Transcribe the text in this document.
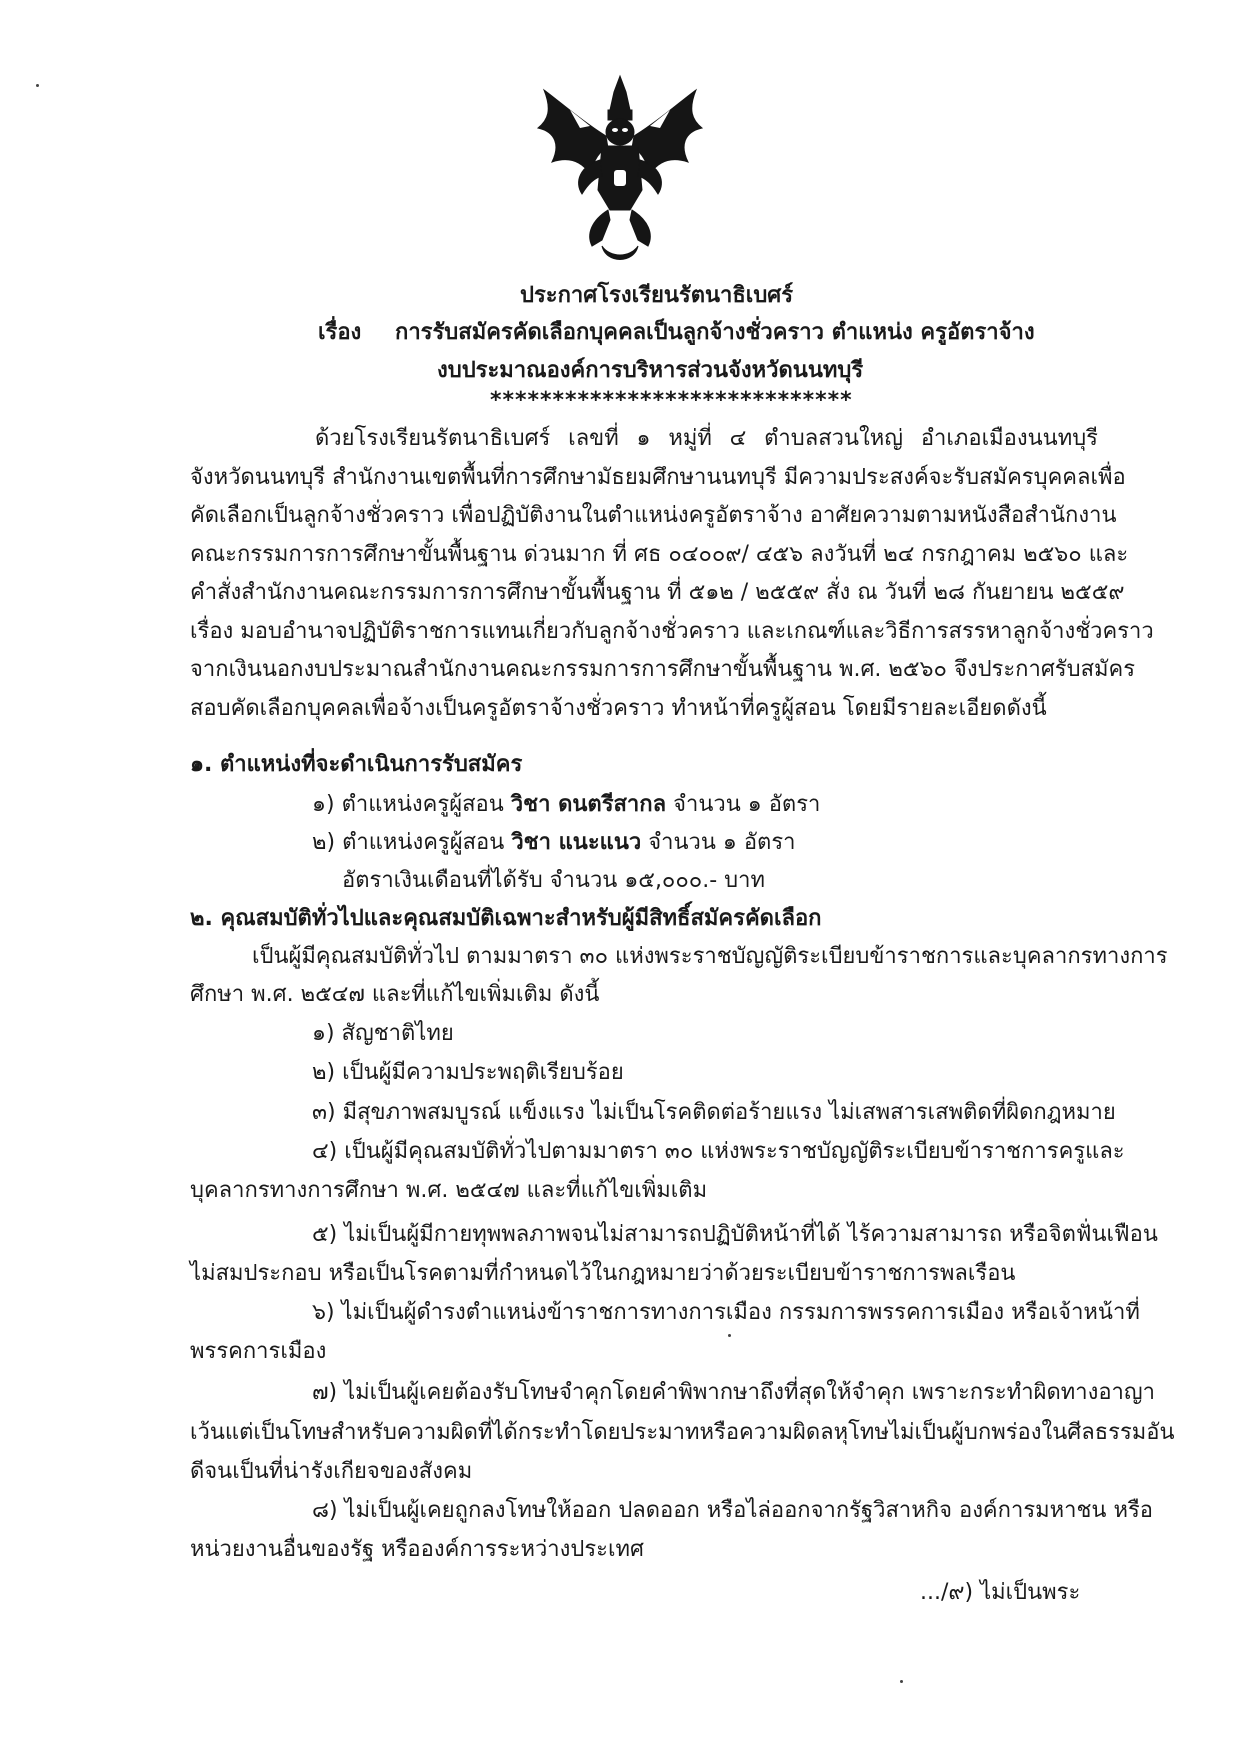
ประกาศโรงเรียนรัตนาธิเบศร์
เรื่อง การรับสมัครคัดเลือกบุคคลเป็นลูกจ้างชั่วคราว ตำแหน่ง ครูอัตราจ้าง
งบประมาณองค์การบริหารส่วนจังหวัดนนทบุรี
*****************************
ด้วยโรงเรียนรัตนาธิเบศร์ เลขที่ ๑ หมู่ที่ ๔ ตำบลสวนใหญ่ อำเภอเมืองนนทบุรี
จังหวัดนนทบุรี สำนักงานเขตพื้นที่การศึกษามัธยมศึกษานนทบุรี มีความประสงค์จะรับสมัครบุคคลเพื่อ
คัดเลือกเป็นลูกจ้างชั่วคราว เพื่อปฏิบัติงานในตำแหน่งครูอัตราจ้าง อาศัยความตามหนังสือสำนักงาน
คณะกรรมการการศึกษาขั้นพื้นฐาน ด่วนมาก ที่ ศธ ๐๔๐๐๙/ ๔๕๖ ลงวันที่ ๒๔ กรกฎาคม ๒๕๖๐ และ
คำสั่งสำนักงานคณะกรรมการการศึกษาขั้นพื้นฐาน ที่ ๕๑๒ / ๒๕๕๙ สั่ง ณ วันที่ ๒๘ กันยายน ๒๕๕๙
เรื่อง มอบอำนาจปฏิบัติราชการแทนเกี่ยวกับลูกจ้างชั่วคราว และเกณฑ์และวิธีการสรรหาลูกจ้างชั่วคราว
จากเงินนอกงบประมาณสำนักงานคณะกรรมการการศึกษาขั้นพื้นฐาน พ.ศ. ๒๕๖๐ จึงประกาศรับสมัคร
สอบคัดเลือกบุคคลเพื่อจ้างเป็นครูอัตราจ้างชั่วคราว ทำหน้าที่ครูผู้สอน โดยมีรายละเอียดดังนี้
๑. ตำแหน่งที่จะดำเนินการรับสมัคร
๑) ตำแหน่งครูผู้สอน วิชา ดนตรีสากล จำนวน ๑ อัตรา
๒) ตำแหน่งครูผู้สอน วิชา แนะแนว จำนวน ๑ อัตรา
อัตราเงินเดือนที่ได้รับ จำนวน ๑๕,๐๐๐.- บาท
๒. คุณสมบัติทั่วไปและคุณสมบัติเฉพาะสำหรับผู้มีสิทธิ์สมัครคัดเลือก
เป็นผู้มีคุณสมบัติทั่วไป ตามมาตรา ๓๐ แห่งพระราชบัญญัติระเบียบข้าราชการและบุคลากรทางการ
ศึกษา พ.ศ. ๒๕๔๗ และที่แก้ไขเพิ่มเติม ดังนี้
๑) สัญชาติไทย
๒) เป็นผู้มีความประพฤติเรียบร้อย
๓) มีสุขภาพสมบูรณ์ แข็งแรง ไม่เป็นโรคติดต่อร้ายแรง ไม่เสพสารเสพติดที่ผิดกฎหมาย
๔) เป็นผู้มีคุณสมบัติทั่วไปตามมาตรา ๓๐ แห่งพระราชบัญญัติระเบียบข้าราชการครูและ
บุคลากรทางการศึกษา พ.ศ. ๒๕๔๗ และที่แก้ไขเพิ่มเติม
๕) ไม่เป็นผู้มีกายทุพพลภาพจนไม่สามารถปฏิบัติหน้าที่ได้ ไร้ความสามารถ หรือจิตฟั่นเฟือน
ไม่สมประกอบ หรือเป็นโรคตามที่กำหนดไว้ในกฎหมายว่าด้วยระเบียบข้าราชการพลเรือน
๖) ไม่เป็นผู้ดำรงตำแหน่งข้าราชการทางการเมือง กรรมการพรรคการเมือง หรือเจ้าหน้าที่
พรรคการเมือง
๗) ไม่เป็นผู้เคยต้องรับโทษจำคุกโดยคำพิพากษาถึงที่สุดให้จำคุก เพราะกระทำผิดทางอาญา
เว้นแต่เป็นโทษสำหรับความผิดที่ได้กระทำโดยประมาทหรือความผิดลหุโทษไม่เป็นผู้บกพร่องในศีลธรรมอัน
ดีจนเป็นที่น่ารังเกียจของสังคม
๘) ไม่เป็นผู้เคยถูกลงโทษให้ออก ปลดออก หรือไล่ออกจากรัฐวิสาหกิจ องค์การมหาชน หรือ
หน่วยงานอื่นของรัฐ หรือองค์การระหว่างประเทศ
.../๙) ไม่เป็นพระ
